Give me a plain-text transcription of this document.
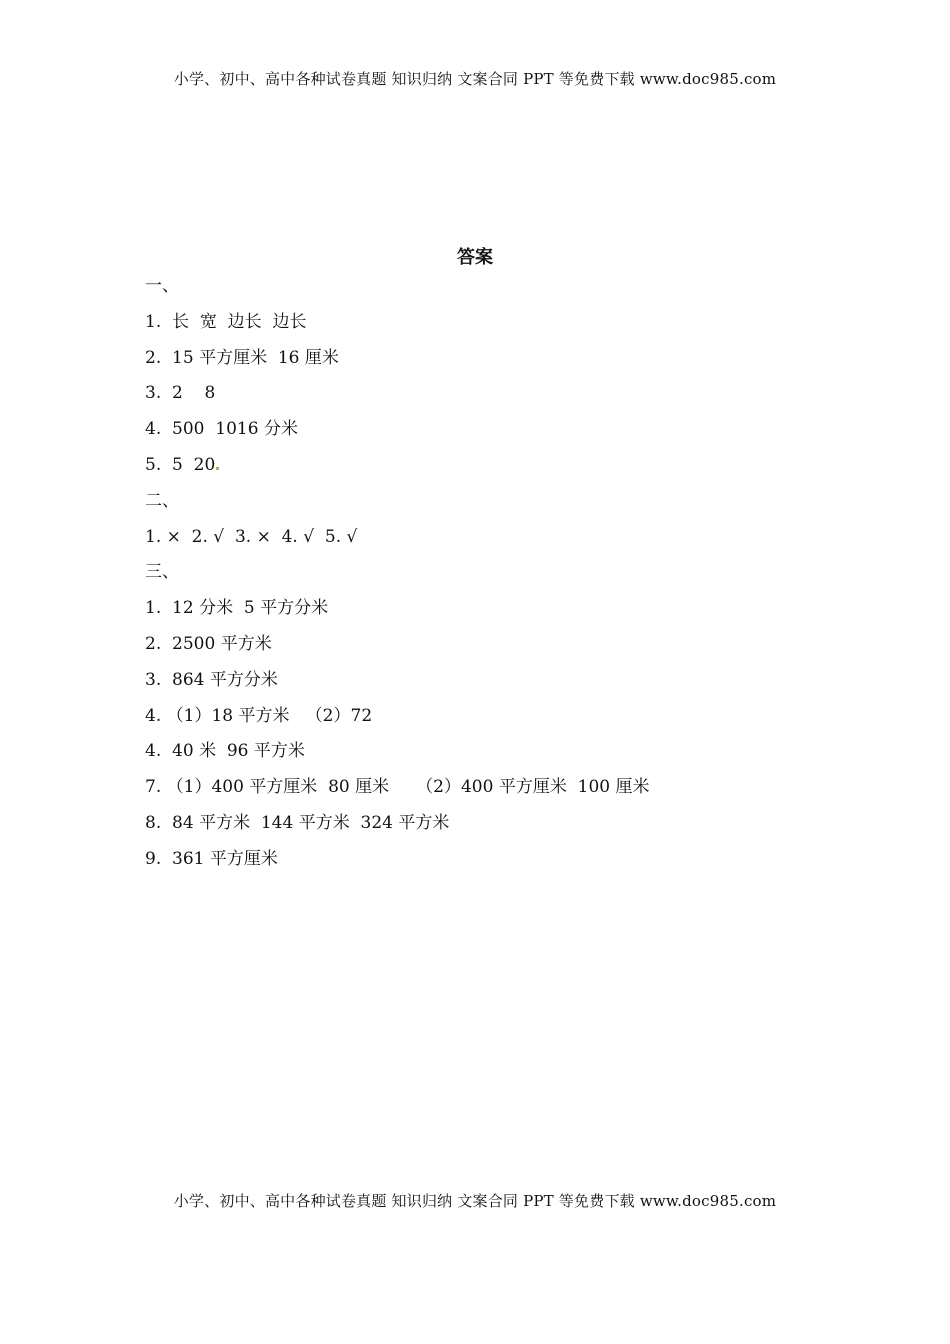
小学、初中、高中各种试卷真题 知识归纳 文案合同 PPT 等免费下载 www.doc985.com
答案
一、
1.  长  宽  边长  边长
2.  15 平方厘米  16 厘米
3.  2    8
4.  500  1016 分米
5.  5  20
二、
1. ×  2. √  3. ×  4. √  5. √
三、
1.  12 分米  5 平方分米
2.  2500 平方米
3.  864 平方分米
4. （1）18 平方米   （2）72
4.  40 米  96 平方米
7. （1）400 平方厘米  80 厘米     （2）400 平方厘米  100 厘米
8.  84 平方米  144 平方米  324 平方米
9.  361 平方厘米
小学、初中、高中各种试卷真题 知识归纳 文案合同 PPT 等免费下载 www.doc985.com
